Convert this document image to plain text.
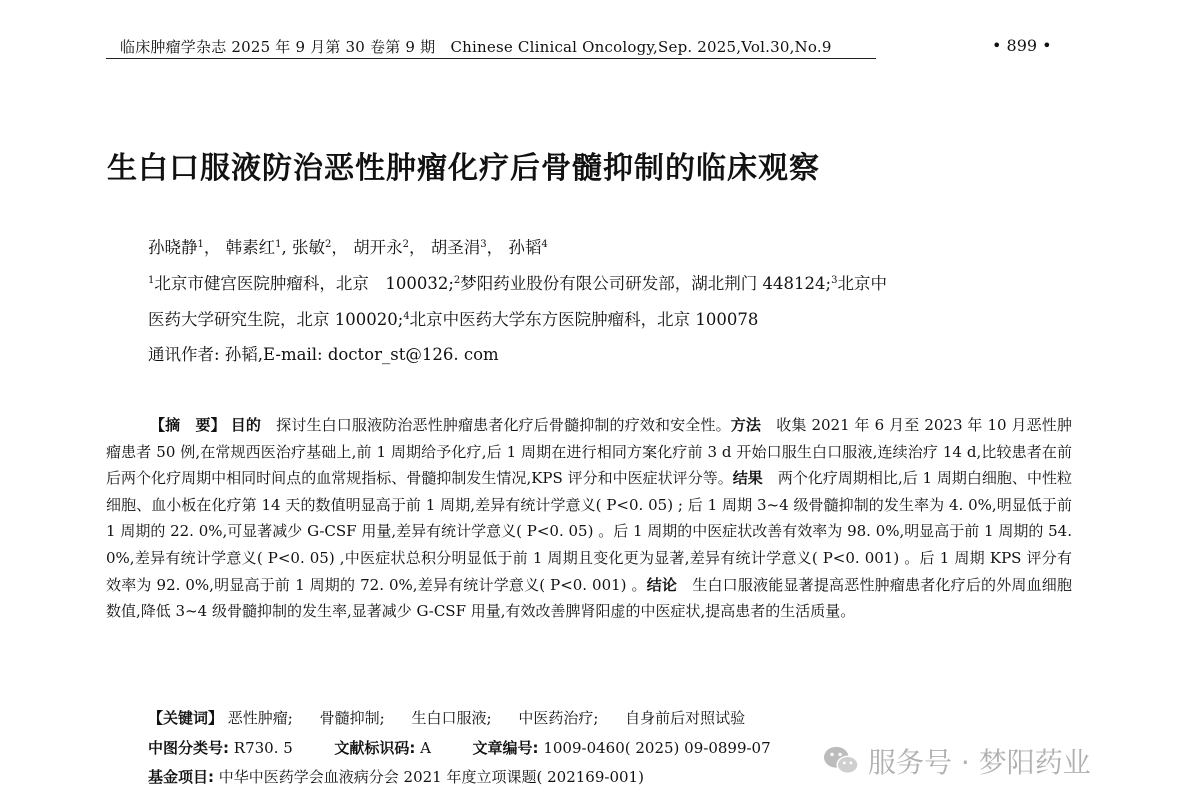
临床肿瘤学杂志 2025 年 9 月第 30 卷第 9 期　Chinese Clinical Oncology,Sep. 2025,Vol.30,No.9	• 899 •
生白口服液防治恶性肿瘤化疗后骨髓抑制的临床观察
孙晓静$^1$， 韩素红$^1$, 张敏$^2$， 胡开永$^2$， 胡圣涓$^3$， 孙韬$^4$
$^1$北京市健宫医院肿瘤科，北京　100032;$^2$梦阳药业股份有限公司研发部，湖北荆门 448124;$^3$北京中
医药大学研究生院，北京 100020;$^4$北京中医药大学东方医院肿瘤科，北京 100078
通讯作者: 孙韬,E-mail: doctor_st@126. com
【摘　要】 目的　探讨生白口服液防治恶性肿瘤患者化疗后骨髓抑制的疗效和安全性。方法　收集 2021 年 6 月至 2023 年 10 月恶性肿瘤患者 50 例,在常规西医治疗基础上,前 1 周期给予化疗,后 1 周期在进行相同方案化疗前 3 d 开始口服生白口服液,连续治疗 14 d,比较患者在前后两个化疗周期中相同时间点的血常规指标、骨髓抑制发生情况,KPS 评分和中医症状评分等。结果　两个化疗周期相比,后 1 周期白细胞、中性粒细胞、血小板在化疗第 14 天的数值明显高于前 1 周期,差异有统计学意义( P<0. 05) ; 后 1 周期 3~4 级骨髓抑制的发生率为 4. 0%,明显低于前 1 周期的 22. 0%,可显著减少 G-CSF 用量,差异有统计学意义( P<0. 05) 。后 1 周期的中医症状改善有效率为 98. 0%,明显高于前 1 周期的 54. 0%,差异有统计学意义( P<0. 05) ,中医症状总积分明显低于前 1 周期且变化更为显著,差异有统计学意义( P<0. 001) 。后 1 周期 KPS 评分有效率为 92. 0%,明显高于前 1 周期的 72. 0%,差异有统计学意义( P<0. 001) 。结论　生白口服液能显著提高恶性肿瘤患者化疗后的外周血细胞数值,降低 3~4 级骨髓抑制的发生率,显著减少 G-CSF 用量,有效改善脾肾阳虚的中医症状,提高患者的生活质量。
【关键词】 恶性肿瘤; 骨髓抑制; 生白口服液; 中医药治疗; 自身前后对照试验
中图分类号: R730. 5	文献标识码: A	文章编号: 1009-0460( 2025) 09-0899-07
基金项目: 中华中医药学会血液病分会 2021 年度立项课题( 202169-001)	服务号 · 梦阳药业
